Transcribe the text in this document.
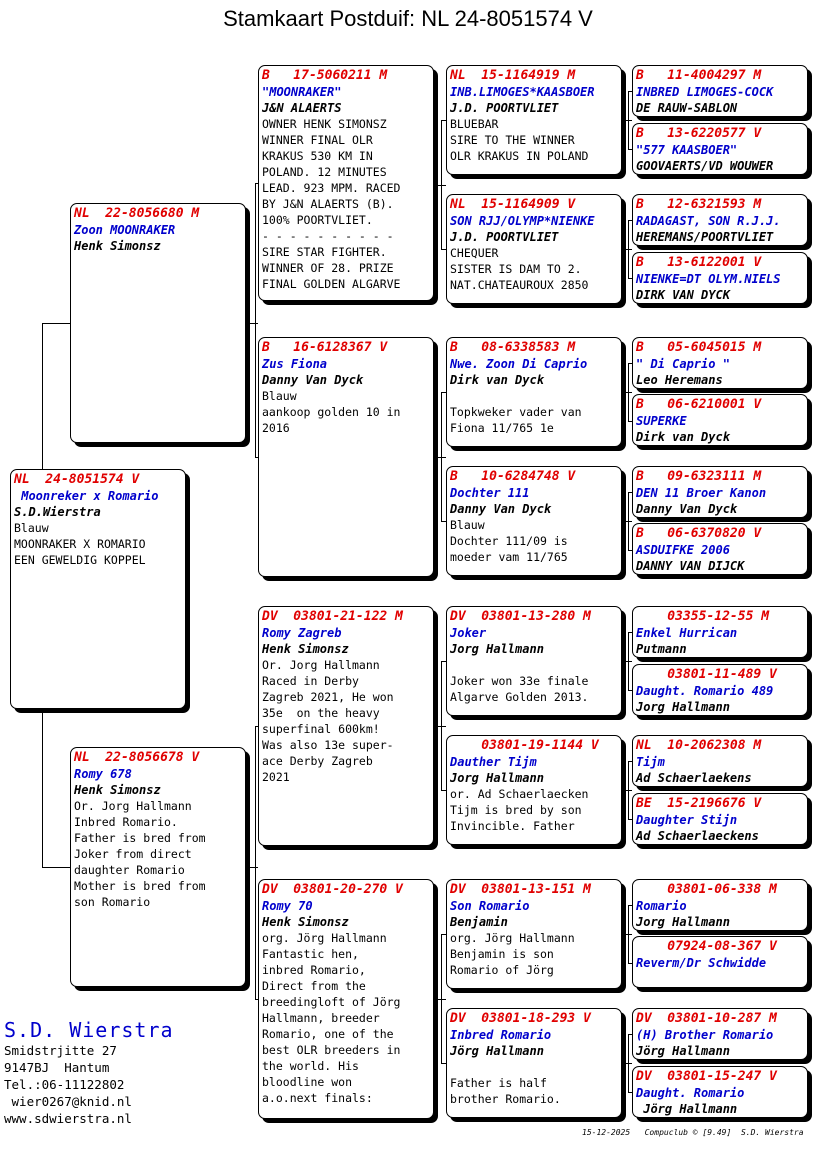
Stamkaart Postduif: NL 24-8051574 V
NL  24-8051574 V
Moonreker x Romario
S.D.Wierstra
Blauw
MOONRAKER X ROMARIO
EEN GEWELDIG KOPPEL
NL  22-8056680 M
Zoon MOONRAKER
Henk Simonsz
NL  22-8056678 V
Romy 678
Henk Simonsz
Or. Jorg Hallmann
Inbred Romario.
Father is bred from
Joker from direct
daughter Romario
Mother is bred from
son Romario
B   17-5060211 M
"MOONRAKER"
J&N ALAERTS
OWNER HENK SIMONSZ
WINNER FINAL OLR
KRAKUS 530 KM IN
POLAND. 12 MINUTES
LEAD. 923 MPM. RACED
BY J&N ALAERTS (B).
100% POORTVLIET.
- - - - - - - - - -
SIRE STAR FIGHTER.
WINNER OF 28. PRIZE
FINAL GOLDEN ALGARVE
B   16-6128367 V
Zus Fiona
Danny Van Dyck
Blauw
aankoop golden 10 in
2016
DV  03801-21-122 M
Romy Zagreb
Henk Simonsz
Or. Jorg Hallmann
Raced in Derby
Zagreb 2021, He won
35e  on the heavy
superfinal 600km!
Was also 13e super-
ace Derby Zagreb
2021
DV  03801-20-270 V
Romy 70
Henk Simonsz
org. Jörg Hallmann
Fantastic hen,
inbred Romario,
Direct from the
breedingloft of Jörg
Hallmann, breeder
Romario, one of the
best OLR breeders in
the world. His
bloodline won
a.o.next finals:
NL  15-1164919 M
INB.LIMOGES*KAASBOER
J.D. POORTVLIET
BLUEBAR
SIRE TO THE WINNER
OLR KRAKUS IN POLAND
NL  15-1164909 V
SON RJJ/OLYMP*NIENKE
J.D. POORTVLIET
CHEQUER
SISTER IS DAM TO 2.
NAT.CHATEAUROUX 2850
B   08-6338583 M
Nwe. Zoon Di Caprio
Dirk van Dyck

Topkweker vader van
Fiona 11/765 1e
B   10-6284748 V
Dochter 111
Danny Van Dyck
Blauw
Dochter 111/09 is
moeder vam 11/765
DV  03801-13-280 M
Joker
Jorg Hallmann

Joker won 33e finale
Algarve Golden 2013.
03801-19-1144 V
Dauther Tijm
Jorg Hallmann
or. Ad Schaerlaecken
Tijm is bred by son
Invincible. Father
DV  03801-13-151 M
Son Romario
Benjamin
org. Jörg Hallmann
Benjamin is son
Romario of Jörg
DV  03801-18-293 V
Inbred Romario
Jörg Hallmann

Father is half
brother Romario.
B   11-4004297 M
INBRED LIMOGES-COCK
DE RAUW-SABLON
B   13-6220577 V
"577 KAASBOER"
GOOVAERTS/VD WOUWER
B   12-6321593 M
RADAGAST, SON R.J.J.
HEREMANS/POORTVLIET
B   13-6122001 V
NIENKE=DT OLYM.NIELS
DIRK VAN DYCK
B   05-6045015 M
" Di Caprio "
Leo Heremans
B   06-6210001 V
SUPERKE
Dirk van Dyck
B   09-6323111 M
DEN 11 Broer Kanon
Danny Van Dyck
B   06-6370820 V
ASDUIFKE 2006
DANNY VAN DIJCK
03355-12-55 M
Enkel Hurrican
Putmann
03801-11-489 V
Daught. Romario 489
Jorg Hallmann
NL  10-2062308 M
Tijm
Ad Schaerlaekens
BE  15-2196676 V
Daughter Stijn
Ad Schaerlaeckens
03801-06-338 M
Romario
Jorg Hallmann
07924-08-367 V
Reverm/Dr Schwidde
DV  03801-10-287 M
(H) Brother Romario
Jörg Hallmann
DV  03801-15-247 V
Daught. Romario
Jörg Hallmann
S.D. Wierstra
Smidstrjitte 27
9147BJ  Hantum
Tel.:06-11122802
wier0267@knid.nl
www.sdwierstra.nl
15-12-2025   Compuclub © [9.49]  S.D. Wierstra
